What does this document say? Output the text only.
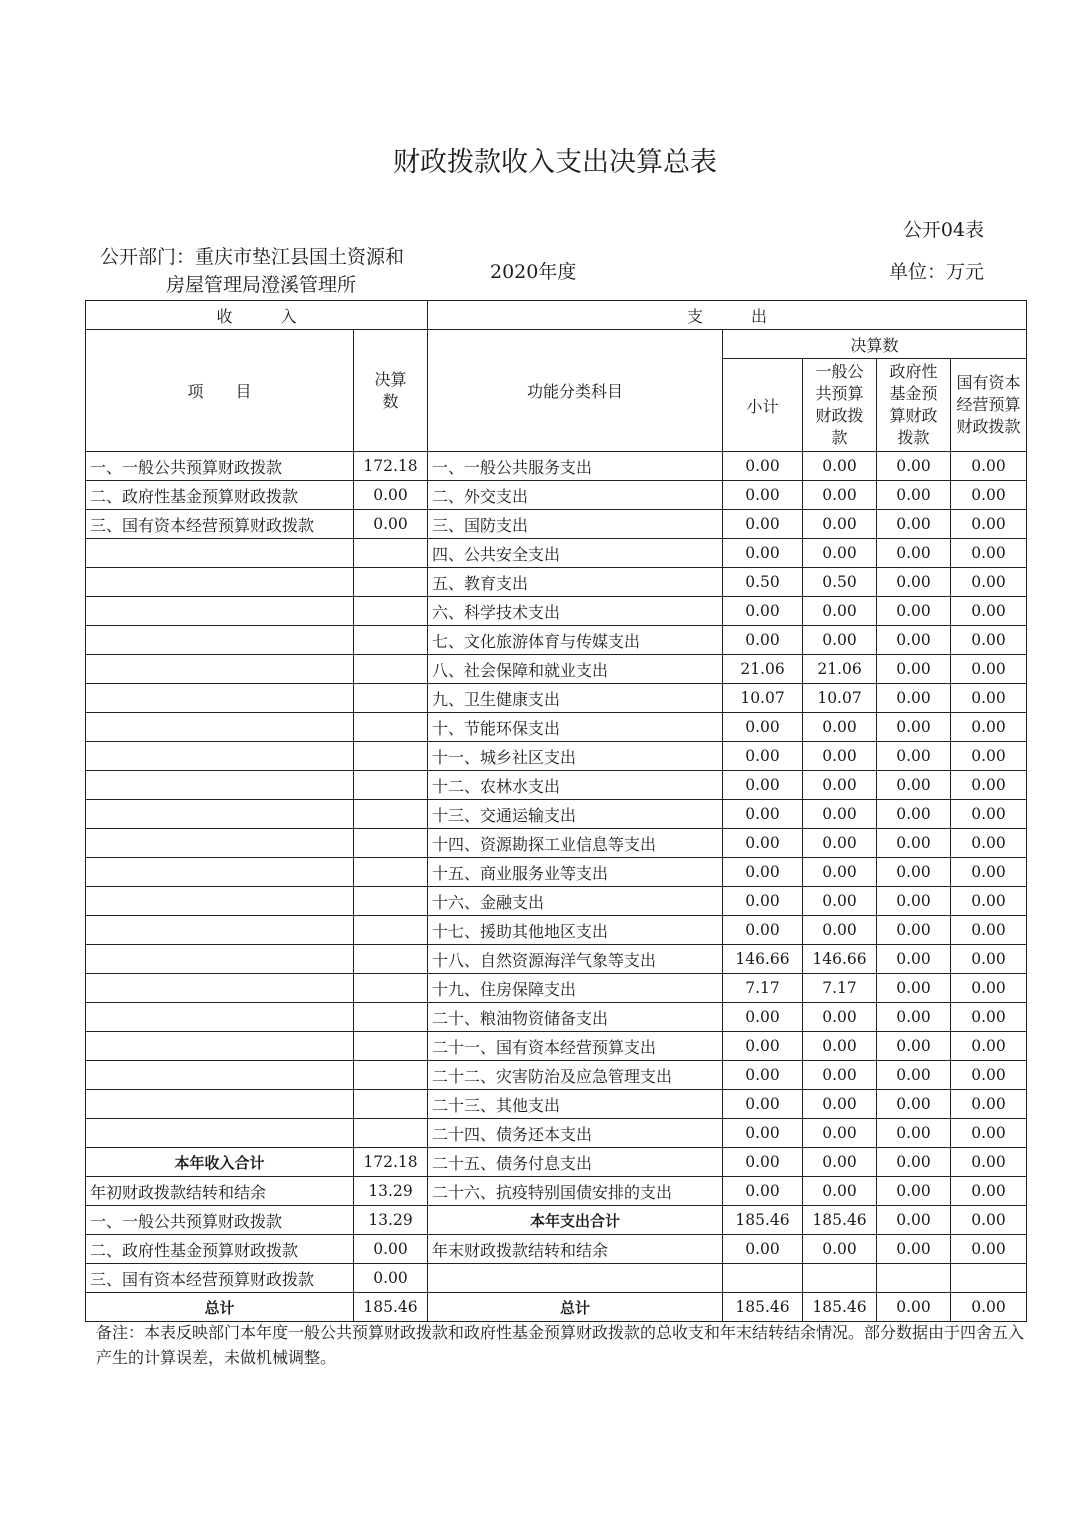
财政拨款收入支出决算总表
公开04表
公开部门：重庆市垫江县国土资源和
房屋管理局澄溪管理所
2020年度	单位：万元
收　　　入		支　　　出				
项　　目	决算数	功能分类科目	决算数			
			小计	一般公共预算财政拨款	政府性基金预算财政拨款	国有资本经营预算财政拨款

一、一般公共预算财政拨款	172.18	一、一般公共服务支出	0.00	0.00	0.00	0.00
二、政府性基金预算财政拨款	0.00	二、外交支出	0.00	0.00	0.00	0.00
三、国有资本经营预算财政拨款	0.00	三、国防支出	0.00	0.00	0.00	0.00
		四、公共安全支出	0.00	0.00	0.00	0.00
		五、教育支出	0.50	0.50	0.00	0.00
		六、科学技术支出	0.00	0.00	0.00	0.00
		七、文化旅游体育与传媒支出	0.00	0.00	0.00	0.00
		八、社会保障和就业支出	21.06	21.06	0.00	0.00
		九、卫生健康支出	10.07	10.07	0.00	0.00
		十、节能环保支出	0.00	0.00	0.00	0.00
		十一、城乡社区支出	0.00	0.00	0.00	0.00
		十二、农林水支出	0.00	0.00	0.00	0.00
		十三、交通运输支出	0.00	0.00	0.00	0.00
		十四、资源勘探工业信息等支出	0.00	0.00	0.00	0.00
		十五、商业服务业等支出	0.00	0.00	0.00	0.00
		十六、金融支出	0.00	0.00	0.00	0.00
		十七、援助其他地区支出	0.00	0.00	0.00	0.00
		十八、自然资源海洋气象等支出	146.66	146.66	0.00	0.00
		十九、住房保障支出	7.17	7.17	0.00	0.00
		二十、粮油物资储备支出	0.00	0.00	0.00	0.00
		二十一、国有资本经营预算支出	0.00	0.00	0.00	0.00
		二十二、灾害防治及应急管理支出	0.00	0.00	0.00	0.00
		二十三、其他支出	0.00	0.00	0.00	0.00
		二十四、债务还本支出	0.00	0.00	0.00	0.00
本年收入合计	172.18	二十五、债务付息支出	0.00	0.00	0.00	0.00
年初财政拨款结转和结余	13.29	二十六、抗疫特别国债安排的支出	0.00	0.00	0.00	0.00
一、一般公共预算财政拨款	13.29	本年支出合计	185.46	185.46	0.00	0.00
二、政府性基金预算财政拨款	0.00	年末财政拨款结转和结余	0.00	0.00	0.00	0.00
三、国有资本经营预算财政拨款	0.00					
总计	185.46	总计	185.46	185.46	0.00	0.00
备注：本表反映部门本年度一般公共预算财政拨款和政府性基金预算财政拨款的总收支和年末结转结余情况。部分数据由于四舍五入产生的计算误差，未做机械调整。
